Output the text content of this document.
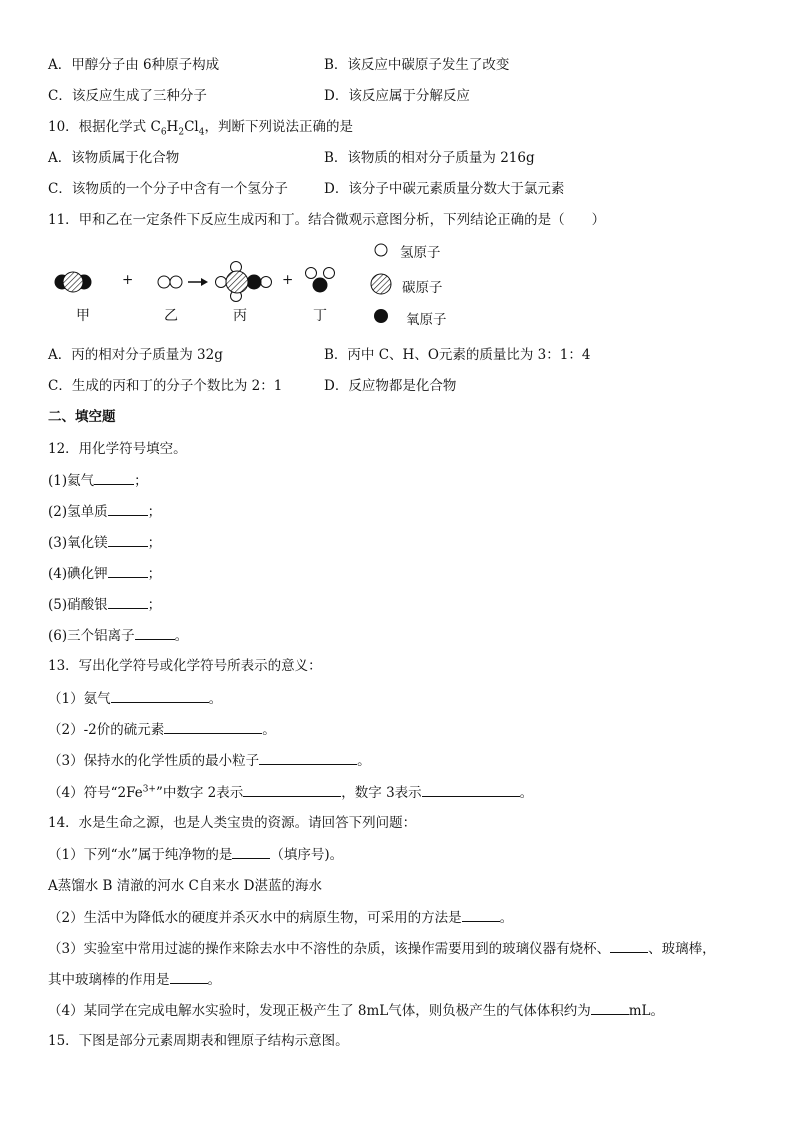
A．甲醇分子由 6种原子构成	B．该反应中碳原子发生了改变
C．该反应生成了三种分子	D．该反应属于分解反应
10．根据化学式 $C_6H_2Cl_4$，判断下列说法正确的是
A．该物质属于化合物	B．该物质的相对分子质量为 216g
C．该物质的一个分子中含有一个氢分子	D．该分子中碳元素质量分数大于氯元素
11．甲和乙在一定条件下反应生成丙和丁。结合微观示意图分析，下列结论正确的是（　　）
+	+
氢原子
碳原子
氧原子
甲	乙	丙	丁
A．丙的相对分子质量为 32g	B．丙中 C、H、O元素的质量比为 3：1：4
C．生成的丙和丁的分子个数比为 2：1	D．反应物都是化合物
二、填空题
12．用化学符号填空。
(1)氦气	；
(2)氢单质	；
(3)氧化镁	；
(4)碘化钾	；
(5)硝酸银	；
(6)三个铝离子	。
13．写出化学符号或化学符号所表示的意义：
（1）氨气	。
（2）-2价的硫元素	。
（3）保持水的化学性质的最小粒子	。
（4）符号“$2Fe^{3+}$”中数字 2表示	，数字 3表示	。
14．水是生命之源，也是人类宝贵的资源。请回答下列问题：
（1）下列“水”属于纯净物的是	（填序号)。
A蒸馏水 B 清澈的河水 C自来水 D湛蓝的海水
（2）生活中为降低水的硬度并杀灭水中的病原生物，可采用的方法是	。
（3）实验室中常用过滤的操作来除去水中不溶性的杂质，该操作需要用到的玻璃仪器有烧杯、	、玻璃棒，
其中玻璃棒的作用是	。
（4）某同学在完成电解水实验时，发现正极产生了 8mL气体，则负极产生的气体体积约为	mL。
15．下图是部分元素周期表和锂原子结构示意图。
